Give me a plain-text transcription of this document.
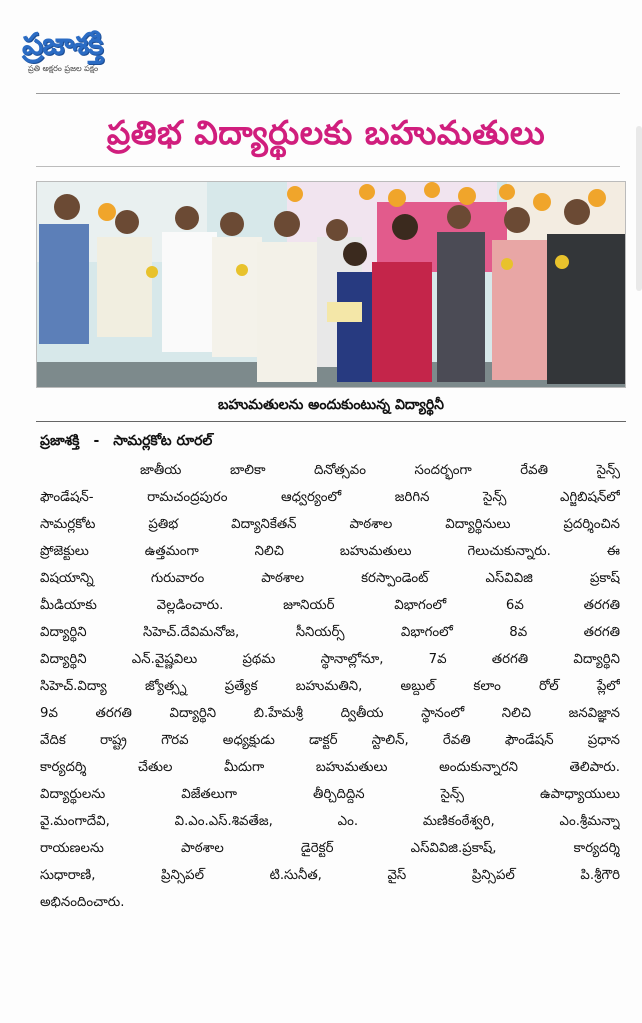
ప్రజాశక్తి
ప్రతి అక్షరం ప్రజల పక్షం
ప్రతిభ విద్యార్థులకు బహుమతులు
బహుమతులను అందుకుంటున్న విద్యార్థినీ
ప్రజాశక్తి - సామర్లకోట రూరల్
జాతీయ బాలికా దినోత్సవం సందర్భంగా రేవతి సైన్స్
ఫౌండేషన్- రామచంద్రపురం ఆధ్వర్యంలో జరిగిన సైన్స్ ఎగ్జిబిషన్‌లో
సామర్లకోట ప్రతిభ విద్యానికేతన్ పాఠశాల విద్యార్థినులు ప్రదర్శించిన
ప్రోజెక్టులు ఉత్తమంగా నిలిచి బహుమతులు గెలుచుకున్నారు. ఈ
విషయాన్ని గురువారం పాఠశాల కరస్పాండెంట్ ఎస్‌వివిజి ప్రకాష్
మీడియాకు వెల్లడించారు. జూనియర్ విభాగంలో 6వ తరగతి
విద్యార్థిని సిహెచ్.దేవిమనోజ, సీనియర్స్ విభాగంలో 8వ తరగతి
విద్యార్థిని ఎన్.వైష్ణవిలు ప్రథమ స్థానాల్లోనూ, 7వ తరగతి విద్యార్థిని
సిహెచ్.విద్యా జ్యోత్స్న ప్రత్యేక బహుమతిని, అబ్దుల్ కలాం రోల్ ప్లేలో
9వ తరగతి విద్యార్థిని బి.హేమశ్రీ ద్వితీయ స్థానంలో నిలిచి జనవిజ్ఞాన
వేదిక రాష్ట్ర గౌరవ అధ్యక్షుడు డాక్టర్ స్టాలిన్, రేవతి ఫౌండేషన్ ప్రధాన
కార్యదర్శి చేతుల మీదుగా బహుమతులు అందుకున్నారని తెలిపారు.
విద్యార్థులను విజేతలుగా తీర్చిదిద్దిన సైన్స్ ఉపాధ్యాయులు
వై.మంగాదేవి, వి.ఎం.ఎస్.శివతేజ, ఎం. మణికంఠేశ్వరి, ఎం.శ్రీమన్నా
రాయణలను పాఠశాల డైరెక్టర్ ఎస్‌వివిజి.ప్రకాష్, కార్యదర్శి
సుధారాణి, ప్రిన్సిపల్ టి.సునీత, వైస్ ప్రిన్సిపల్ పి.శ్రీగౌరి
అభినందించారు.
